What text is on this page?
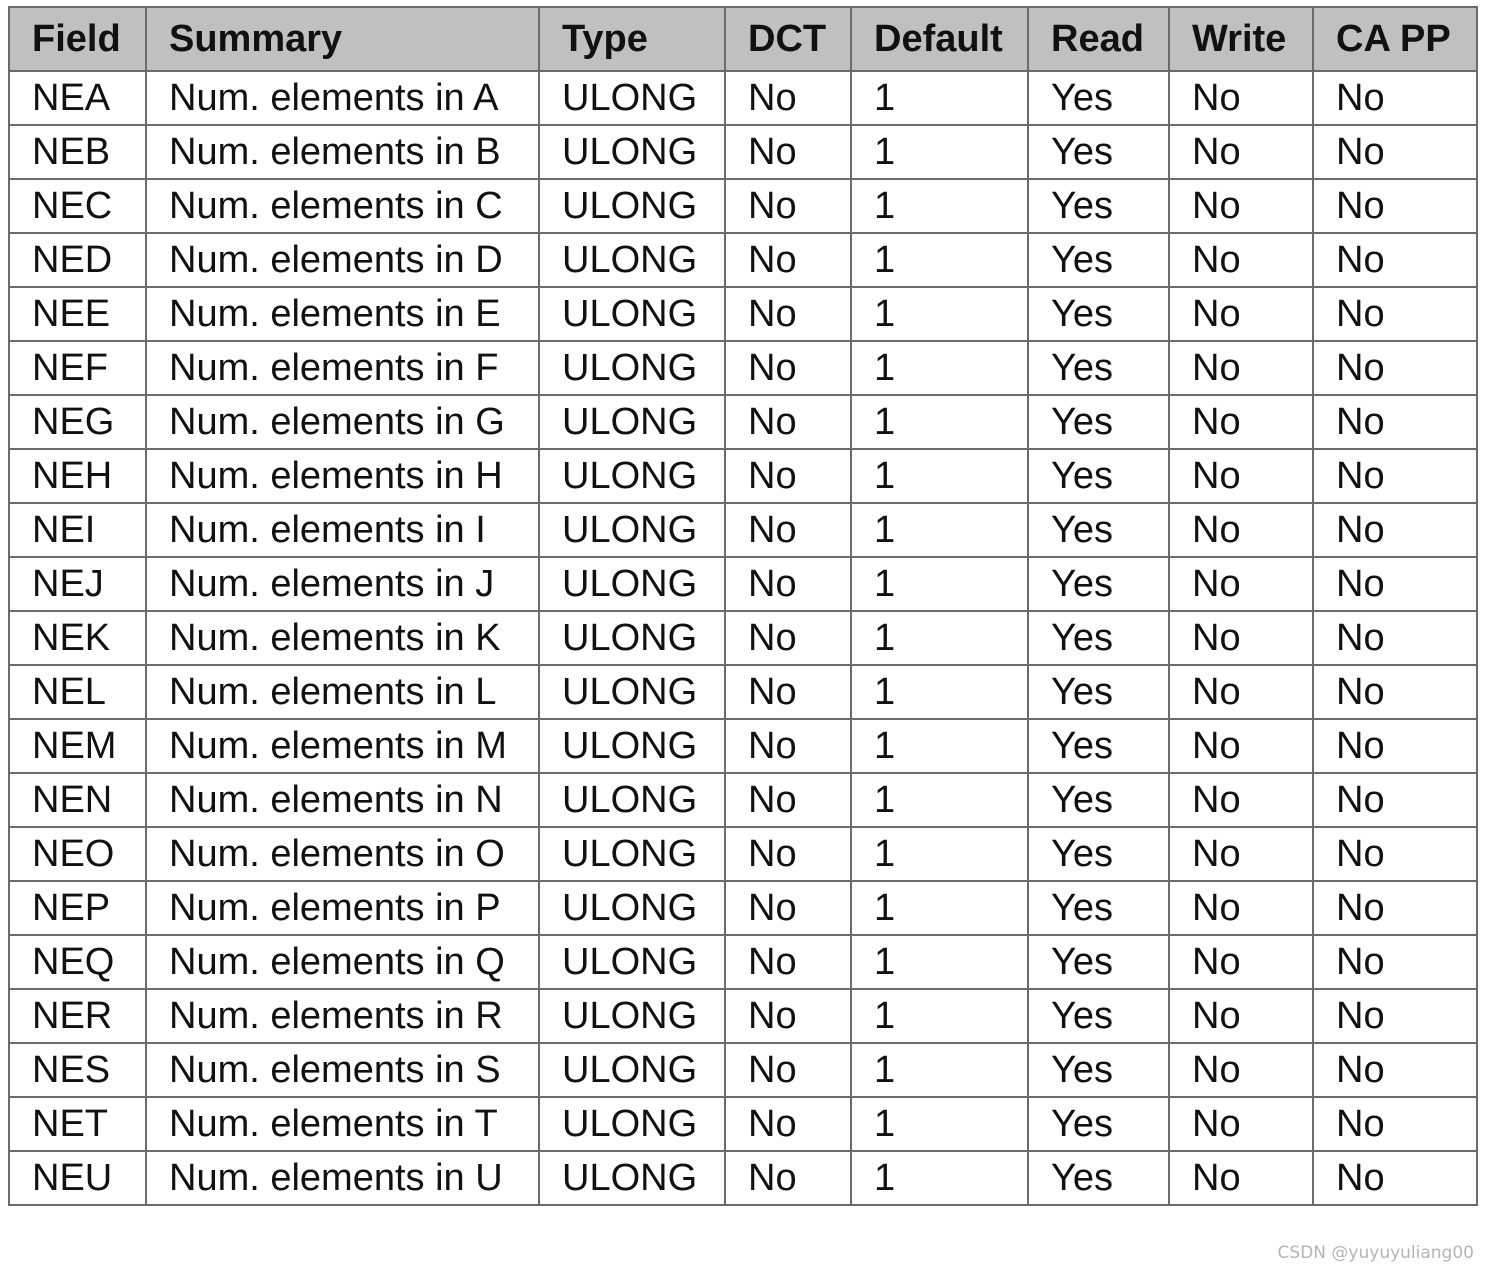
Field	Summary	Type	DCT	Default	Read	Write	CA PP
NEA	Num. elements in A	ULONG	No	1	Yes	No	No
NEB	Num. elements in B	ULONG	No	1	Yes	No	No
NEC	Num. elements in C	ULONG	No	1	Yes	No	No
NED	Num. elements in D	ULONG	No	1	Yes	No	No
NEE	Num. elements in E	ULONG	No	1	Yes	No	No
NEF	Num. elements in F	ULONG	No	1	Yes	No	No
NEG	Num. elements in G	ULONG	No	1	Yes	No	No
NEH	Num. elements in H	ULONG	No	1	Yes	No	No
NEI	Num. elements in I	ULONG	No	1	Yes	No	No
NEJ	Num. elements in J	ULONG	No	1	Yes	No	No
NEK	Num. elements in K	ULONG	No	1	Yes	No	No
NEL	Num. elements in L	ULONG	No	1	Yes	No	No
NEM	Num. elements in M	ULONG	No	1	Yes	No	No
NEN	Num. elements in N	ULONG	No	1	Yes	No	No
NEO	Num. elements in O	ULONG	No	1	Yes	No	No
NEP	Num. elements in P	ULONG	No	1	Yes	No	No
NEQ	Num. elements in Q	ULONG	No	1	Yes	No	No
NER	Num. elements in R	ULONG	No	1	Yes	No	No
NES	Num. elements in S	ULONG	No	1	Yes	No	No
NET	Num. elements in T	ULONG	No	1	Yes	No	No
NEU	Num. elements in U	ULONG	No	1	Yes	No	No
CSDN @yuyuyuliang00
